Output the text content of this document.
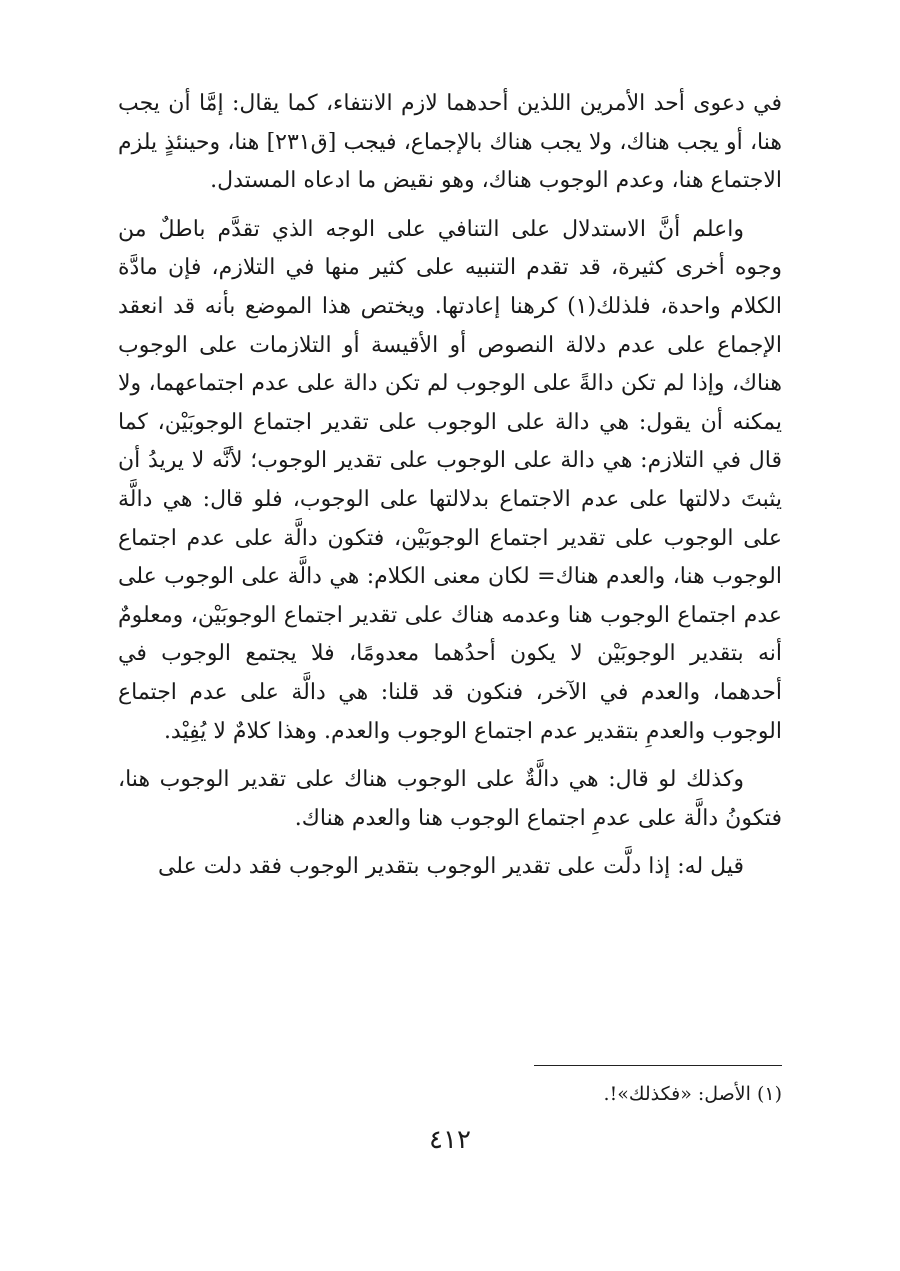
في دعوى أحد الأمرين اللذين أحدهما لازم الانتفاء، كما يقال: إمَّا أن يجب هنا، أو يجب هناك، ولا يجب هناك بالإجماع، فيجب [ق٢٣١] هنا، وحينئذٍ يلزم الاجتماع هنا، وعدم الوجوب هناك، وهو نقيض ما ادعاه المستدل.

واعلم أنَّ الاستدلال على التنافي على الوجه الذي تقدَّم باطلٌ من وجوه أخرى كثيرة، قد تقدم التنبيه على كثير منها في التلازم، فإن مادَّة الكلام واحدة، فلذلك(١) كرهنا إعادتها. ويختص هذا الموضع بأنه قد انعقد الإجماع على عدم دلالة النصوص أو الأقيسة أو التلازمات على الوجوب هناك، وإذا لم تكن دالةً على الوجوب لم تكن دالة على عدم اجتماعهما، ولا يمكنه أن يقول: هي دالة على الوجوب على تقدير اجتماع الوجوبَيْن، كما قال في التلازم: هي دالة على الوجوب على تقدير الوجوب؛ لأنَّه لا يريدُ أن يثبتَ دلالتها على عدم الاجتماع بدلالتها على الوجوب، فلو قال: هي دالَّة على الوجوب على تقدير اجتماع الوجوبَيْن، فتكون دالَّة على عدم اجتماع الوجوب هنا، والعدم هناك= لكان معنى الكلام: هي دالَّة على الوجوب على عدم اجتماع الوجوب هنا وعدمه هناك على تقدير اجتماع الوجوبَيْن، ومعلومٌ أنه بتقدير الوجوبَيْن لا يكون أحدُهما معدومًا، فلا يجتمع الوجوب في أحدهما، والعدم في الآخر، فنكون قد قلنا: هي دالَّة على عدم اجتماع الوجوب والعدمِ بتقدير عدم اجتماع الوجوب والعدم. وهذا كلامٌ لا يُفِيْد.

وكذلك لو قال: هي دالَّةٌ على الوجوب هناك على تقدير الوجوب هنا، فتكونُ دالَّة على عدمِ اجتماع الوجوب هنا والعدم هناك.

قيل له: إذا دلَّت على تقدير الوجوب بتقدير الوجوب فقد دلت على

(١) الأصل: «فكذلك»!.
٤١٢
